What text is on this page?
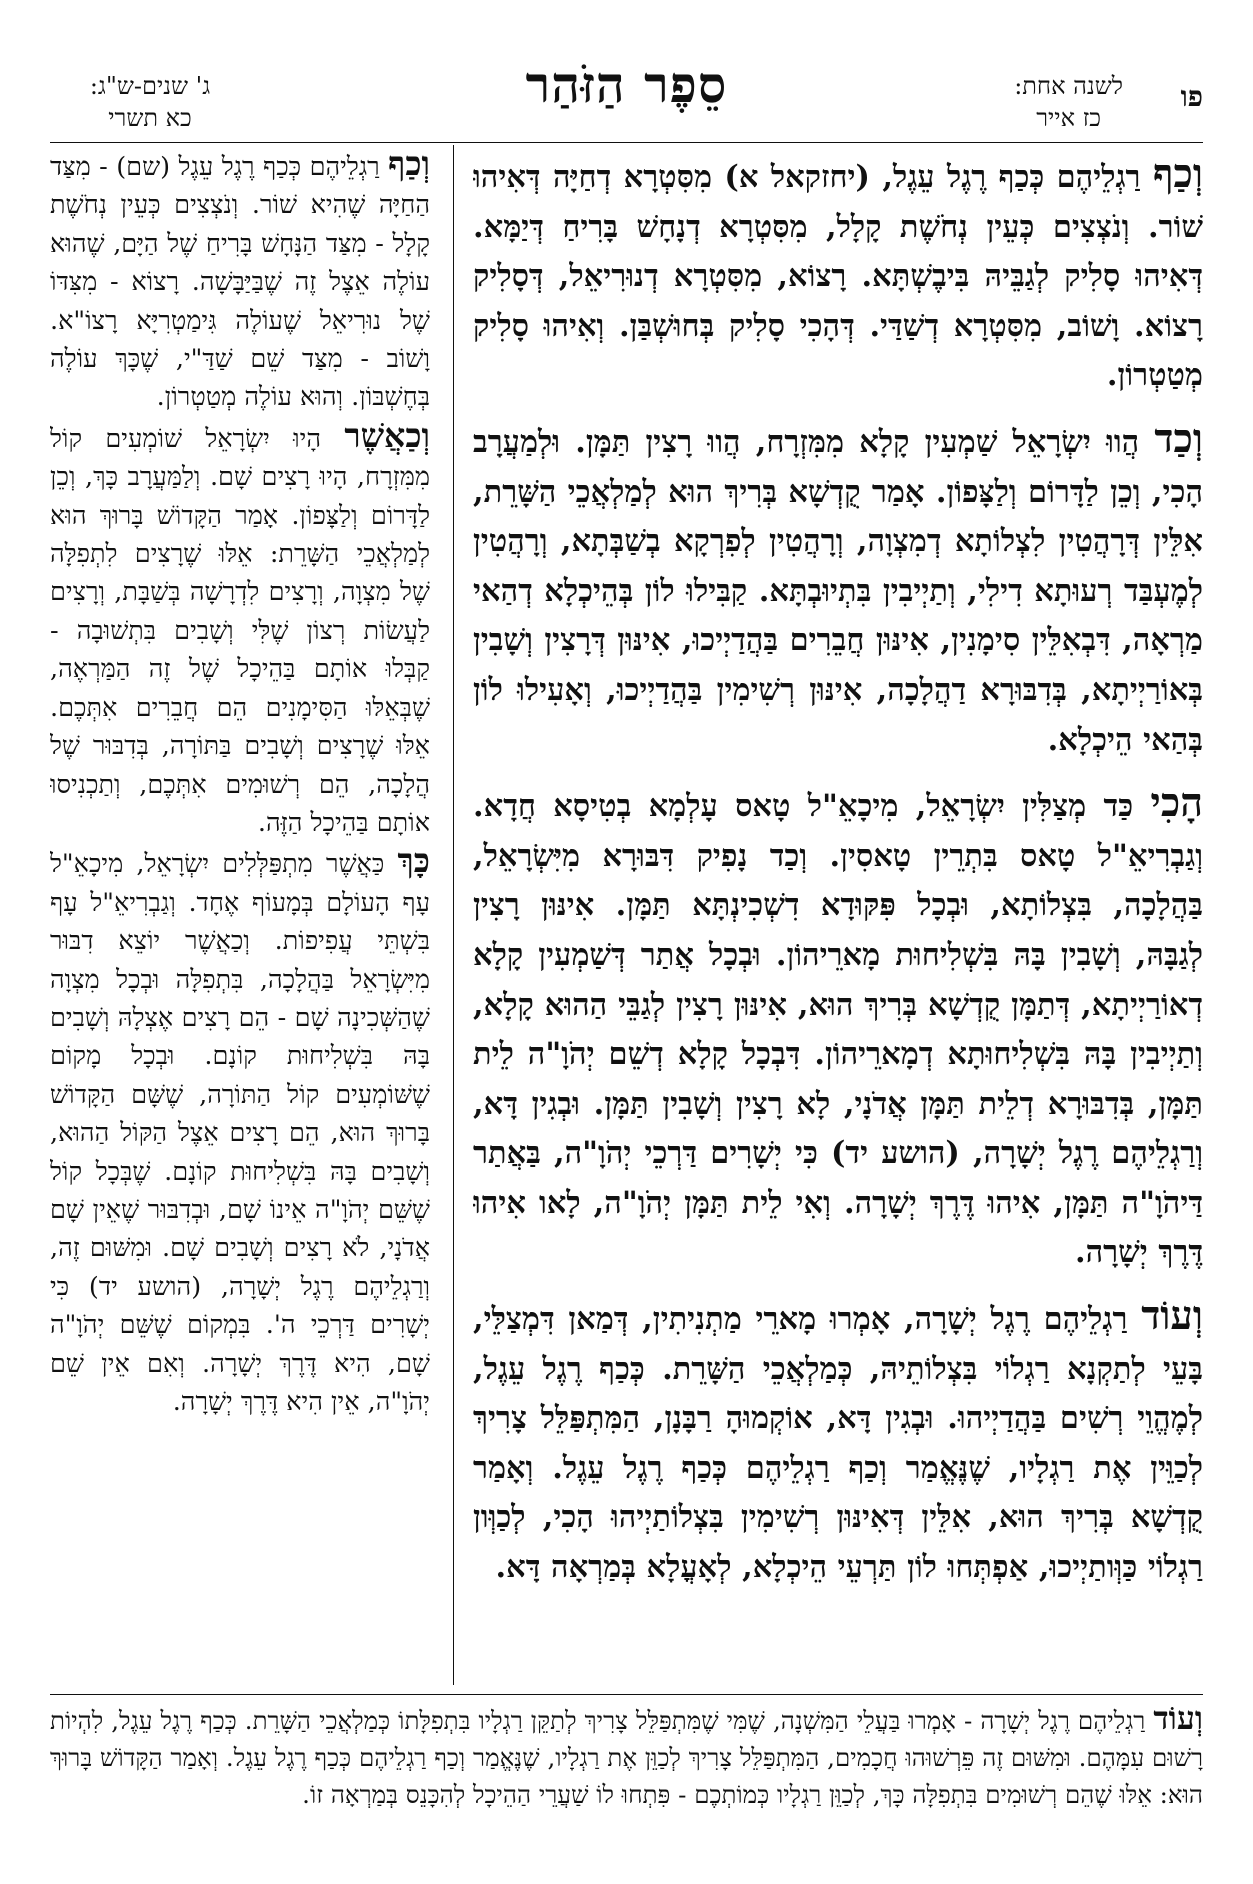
פו
לשנה אחת:
כז אייר
סֵפֶר הַזֹּהַר
ג' שנים-ש"ג:
כא תשרי

וְכַף רַגְלֵיהֶם כְּכַף רֶגֶל עֵגֶל, (יחזקאל א) מִסִּטְרָא דְחַיָּה דְּאִיהוּ שׁוֹר. וְנֹצְצִים כְּעֵין נְחֹשֶׁת קָלָל, מִסִּטְרָא דְנָחָשׁ בָּרִיחַ דְּיַמָּא. דְּאִיהוּ סָלִיק לְגַבֵּיהּ בִּיבֶשְׁתָּא. רָצוֹא, מִסִּטְרָא דְנוּרִיאֵל, דְּסָלִיק רָצוֹא. וָשׁוֹב, מִסִּטְרָא דְשַׁדַּי. דְּהָכִי סָלִיק בְּחוּשְׁבַּן. וְאִיהוּ סָלִיק מְטַטְרוֹן.

וְכַד הֲווּ יִשְׂרָאֵל שַׁמְעִין קָלָא מִמִּזְרָח, הֲווּ רָצִין תַּמָּן. וּלְמַעֲרָב הָכִי, וְכֵן לַדָּרוֹם וְלַצָּפוֹן. אָמַר קֻדְשָׁא בְּרִיךְ הוּא לְמַלְאֲכֵי הַשָּׁרֵת, אִלֵּין דְּרָהֲטִין לִצְלוֹתָא דְמִצְוָה, וְרָהֲטִין לְפִרְקָא בְשַׁבְּתָא, וְרָהֲטִין לְמֶעְבַּד רְעוּתָא דִילִי, וְתַיְיבִין בִּתְיוּבְתָּא. קַבִּילוּ לוֹן בְּהֵיכְלָא דְהַאי מַרְאָה, דִּבְאִלֵּין סִימָנִין, אִינּוּן חֲבֵרִים בַּהֲדַיְיכוּ, אִינּוּן דְּרָצִין וְשָׁבִין בְּאוֹרַיְיתָא, בְּדִבּוּרָא דַהֲלָכָה, אִינּוּן רְשִׁימִין בַּהֲדַיְיכוּ, וְאָעִילוּ לוֹן בְּהַאי הֵיכְלָא.

הָכִי כַּד מְצַלִּין יִשְׂרָאֵל, מִיכָאֵ"ל טָאס עָלְמָא בְטִיסָא חֲדָא. וְגַבְרִיאֵ"ל טָאס בִּתְרֵין טָאסִין. וְכַד נָפִיק דִּבּוּרָא מִיִּשְׂרָאֵל, בַּהֲלָכָה, בִּצְלוֹתָא, וּבְכָל פִּקּוּדָא דִשְׁכִינְתָּא תַּמָּן. אִינּוּן רָצִין לְגַבָּהּ, וְשָׁבִין בָּהּ בִּשְׁלִיחוּת מָארֵיהוֹן. וּבְכָל אֲתַר דְּשַׁמְעִין קָלָא דְאוֹרַיְיתָא, דְּתַמָּן קֻדְשָׁא בְּרִיךְ הוּא, אִינּוּן רָצִין לְגַבֵּי הַהוּא קָלָא, וְתַיְיבִין בָּהּ בִּשְׁלִיחוּתָא דְמָארֵיהוֹן. דִּבְכָל קָלָא דְשֵׁם יְהֹוָ"ה לֵית תַּמָּן, בְּדִבּוּרָא דְלֵית תַּמָּן אֲדֹנָי, לָא רָצִין וְשָׁבִין תַּמָּן. וּבְגִין דָּא, וְרַגְלֵיהֶם רֶגֶל יְשָׁרָה, (הושע יד) כִּי יְשָׁרִים דַּרְכֵי יְהֹוָ"ה, בַּאֲתַר דַּיהֹוָ"ה תַּמָּן, אִיהוּ דֶּרֶךְ יְשָׁרָה. וְאִי לֵית תַּמָּן יְהֹוָ"ה, לָאו אִיהוּ דֶּרֶךְ יְשָׁרָה.

וְעוֹד רַגְלֵיהֶם רֶגֶל יְשָׁרָה, אָמְרוּ מָארֵי מַתְנִיתִין, דְּמַאן דִּמְצַלֵּי, בָּעֵי לְתַקְנָא רַגְלוֹי בִּצְלוֹתֵיהּ, כְּמַלְאֲכֵי הַשָּׁרֵת. כְּכַף רֶגֶל עֵגֶל, לְמֶהֱוֵי רְשִׁים בַּהֲדַיְיהוּ. וּבְגִין דָּא, אוֹקְמוּהָ רַבָּנָן, הַמִּתְפַּלֵּל צָרִיךְ לְכַוֵּין אֶת רַגְלָיו, שֶׁנֶּאֱמַר וְכַף רַגְלֵיהֶם כְּכַף רֶגֶל עֵגֶל. וְאָמַר קֻדְשָׁא בְּרִיךְ הוּא, אִלֵּין דְּאִינּוּן רְשִׁימִין בִּצְלוֹתַיְיהוּ הָכִי, לְכַוְּון רַגְלוֹי כַּוְּותַיְיכוּ, אַפְתְּחוּ לוֹן תַּרְעֵי הֵיכְלָא, לְאָעֳלָא בְּמַרְאָה דָּא.

וְכַף רַגְלֵיהֶם כְּכַף רֶגֶל עֵגֶל (שם) - מִצַּד הַחַיָּה שֶׁהִיא שׁוֹר. וְנֹצְצִים כְּעֵין נְחֹשֶׁת קָלָל - מִצַּד הַנָּחָשׁ בָּרִיחַ שֶׁל הַיָּם, שֶׁהוּא עוֹלֶה אֵצֶל זֶה שֶׁבַּיַּבָּשָׁה. רָצוֹא - מִצִּדּוֹ שֶׁל נוּרִיאֵל שֶׁעוֹלֶה גִּימַטְרִיָּא רָצוֹ"א. וָשׁוֹב - מִצַּד שֵׁם שַׁדַּ"י, שֶׁכָּךְ עוֹלֶה בְּחֶשְׁבּוֹן. וְהוּא עוֹלֶה מְטַטְרוֹן.

וְכַאֲשֶׁר הָיוּ יִשְׂרָאֵל שׁוֹמְעִים קוֹל מִמִּזְרָח, הָיוּ רָצִים שָׁם. וְלַמַּעֲרָב כָּךְ, וְכֵן לַדָּרוֹם וְלַצָּפוֹן. אָמַר הַקָּדוֹשׁ בָּרוּךְ הוּא לְמַלְאֲכֵי הַשָּׁרֵת: אֵלּוּ שֶׁרָצִים לִתְפִלָּה שֶׁל מִצְוָה, וְרָצִים לִדְרָשָׁה בְּשַׁבָּת, וְרָצִים לַעֲשׂוֹת רְצוֹן שֶׁלִּי וְשָׁבִים בִּתְשׁוּבָה - קַבְּלוּ אוֹתָם בַּהֵיכָל שֶׁל זֶה הַמַּרְאֶה, שֶׁבְּאֵלּוּ הַסִּימָנִים הֵם חֲבֵרִים אִתְּכֶם. אֵלּוּ שֶׁרָצִים וְשָׁבִים בַּתּוֹרָה, בְּדִבּוּר שֶׁל הֲלָכָה, הֵם רְשׁוּמִים אִתְּכֶם, וְתַכְנִיסוּ אוֹתָם בַּהֵיכָל הַזֶּה.

כָּךְ כַּאֲשֶׁר מִתְפַּלְּלִים יִשְׂרָאֵל, מִיכָאֵ"ל עָף הָעוֹלָם בְּמָעוֹף אֶחָד. וְגַבְרִיאֵ"ל עָף בִּשְׁתֵּי עֲפִיפוֹת. וְכַאֲשֶׁר יוֹצֵא דִבּוּר מִיִּשְׂרָאֵל בַּהֲלָכָה, בִּתְפִלָּה וּבְכָל מִצְוָה שֶׁהַשְּׁכִינָה שָׁם - הֵם רָצִים אֶצְלָהּ וְשָׁבִים בָּהּ בִּשְׁלִיחוּת קוֹנָם. וּבְכָל מָקוֹם שֶׁשּׁוֹמְעִים קוֹל הַתּוֹרָה, שֶׁשָּׁם הַקָּדוֹשׁ בָּרוּךְ הוּא, הֵם רָצִים אֵצֶל הַקּוֹל הַהוּא, וְשָׁבִים בָּהּ בִּשְׁלִיחוּת קוֹנָם. שֶׁבְּכָל קוֹל שֶׁשֵּׁם יְהֹוָ"ה אֵינוֹ שָׁם, וּבְדִבּוּר שֶׁאֵין שָׁם אֲדֹנָי, לֹא רָצִים וְשָׁבִים שָׁם. וּמִשּׁוּם זֶה, וְרַגְלֵיהֶם רֶגֶל יְשָׁרָה, (הושע יד) כִּי יְשָׁרִים דַּרְכֵי ה'. בִּמְקוֹם שֶׁשֵּׁם יְהֹוָ"ה שָׁם, הִיא דֶּרֶךְ יְשָׁרָה. וְאִם אֵין שֵׁם יְהֹוָ"ה, אֵין הִיא דֶּרֶךְ יְשָׁרָה.

וְעוֹד רַגְלֵיהֶם רֶגֶל יְשָׁרָה - אָמְרוּ בַּעֲלֵי הַמִּשְׁנָה, שֶׁמִּי שֶׁמִּתְפַּלֵּל צָרִיךְ לְתַקֵּן רַגְלָיו בִּתְפִלָּתוֹ כְּמַלְאֲכֵי הַשָּׁרֵת. כְּכַף רֶגֶל עֵגֶל, לִהְיוֹת רָשׁוּם עִמָּהֶם. וּמִשּׁוּם זֶה פֵּרְשׁוּהוּ חֲכָמִים, הַמִּתְפַּלֵּל צָרִיךְ לְכַוֵּן אֶת רַגְלָיו, שֶׁנֶּאֱמַר וְכַף רַגְלֵיהֶם כְּכַף רֶגֶל עֵגֶל. וְאָמַר הַקָּדוֹשׁ בָּרוּךְ הוּא: אֵלּוּ שֶׁהֵם רְשׁוּמִים בִּתְפִלָּה כָּךְ, לְכַוֵּן רַגְלָיו כְּמוֹתְכֶם - פִּתְחוּ לוֹ שַׁעֲרֵי הַהֵיכָל לְהִכָּנֵס בְּמַרְאָה זוֹ.
